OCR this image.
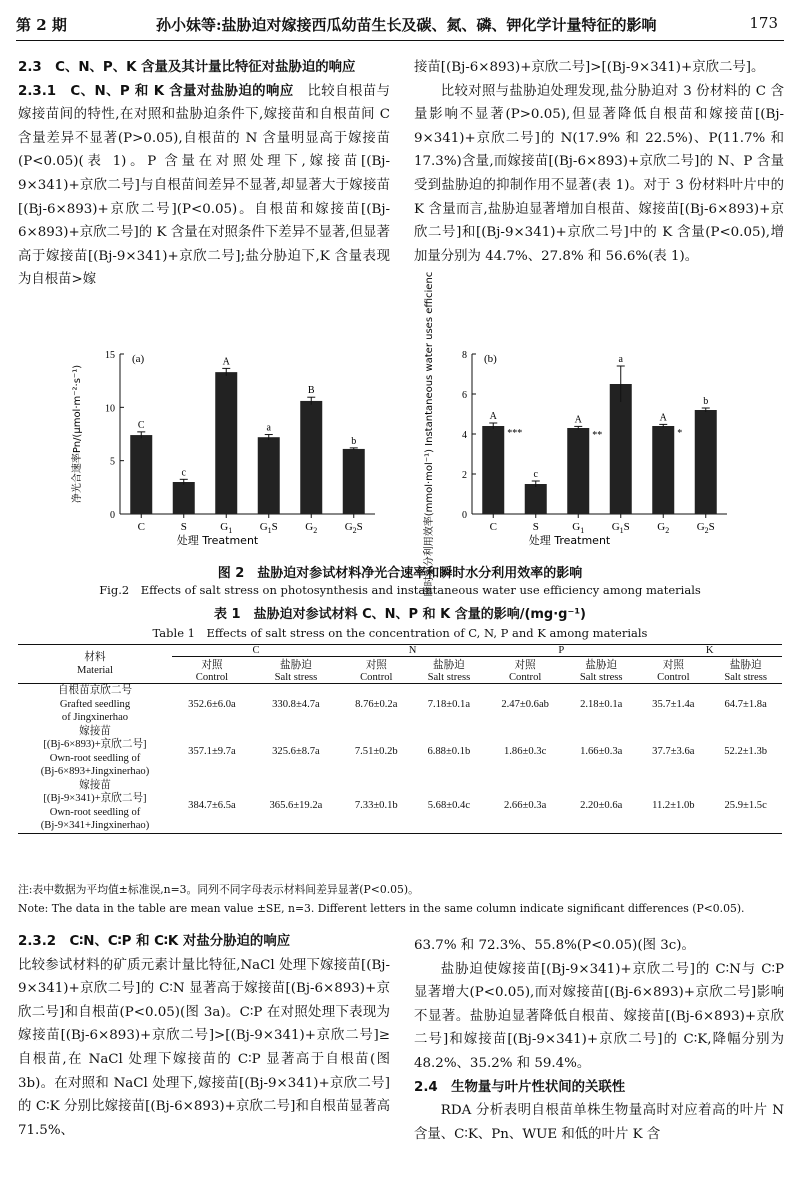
第 2 期	孙小妹等:盐胁迫对嫁接西瓜幼苗生长及碳、氮、磷、钾化学计量特征的影响	173

2.3　C、N、P、K 含量及其计量比特征对盐胁迫的响应

2.3.1　C、N、P 和 K 含量对盐胁迫的响应　 比较自根苗与嫁接苗间的特性,在对照和盐胁迫条件下,嫁接苗和自根苗间 C 含量差异不显著(P>0.05),自根苗的 N 含量明显高于嫁接苗(P<0.05)(表 1)。P 含量在对照处理下,嫁接苗[(Bj-9×341)+京欣二号]与自根苗间差异不显著,却显著大于嫁接苗[(Bj-6×893)+京欣二号](P<0.05)。自根苗和嫁接苗[(Bj-6×893)+京欣二号]的 K 含量在对照条件下差异不显著,但显著高于嫁接苗[(Bj-9×341)+京欣二号];盐分胁迫下,K 含量表现为自根苗>嫁

接苗[(Bj-6×893)+京欣二号]>[(Bj-9×341)+京欣二号]。

比较对照与盐胁迫处理发现,盐分胁迫对 3 份材料的 C 含量影响不显著(P>0.05),但显著降低自根苗和嫁接苗[(Bj-9×341)+京欣二号]的 N(17.9% 和 22.5%)、P(11.7% 和 17.3%)含量,而嫁接苗[(Bj-6×893)+京欣二号]的 N、P 含量受到盐胁迫的抑制作用不显著(表 1)。对于 3 份材料叶片中的 K 含量而言,盐胁迫显著增加自根苗、嫁接苗[(Bj-6×893)+京欣二号]和[(Bj-9×341)+京欣二号]中的 K 含量(P<0.05),增加量分别为 44.7%、27.8% 和 56.6%(表 1)。

0
5
10
15 (a)
C
C
c
S
A
$G_1$
a
$G_1S$
B
$G_2$
b
$G_2S$
处理 Treatment
净光合速率Pn/(μmol·m⁻²·s⁻¹)
0
2
4
6
8 (b)
A
***
C
c
S
A
**
$G_1$
a
$G_1S$
A
*
$G_2$
b
$G_2S$
处理 Treatment
瞬时水分利用效率(mmol·mol⁻¹) Instantaneous water uses efficienc
图 2　盐胁迫对参试材料净光合速率和瞬时水分利用效率的影响
Fig.2　Effects of salt stress on photosynthesis and instantaneous water use efficiency among materials
表 1　盐胁迫对参试材料 C、N、P 和 K 含量的影响/(mg·g⁻¹)
Table 1　Effects of salt stress on the concentration of C, N, P and K among materials
材料
Material	C		N		P		K	
	对照	盐胁迫	对照	盐胁迫	对照	盐胁迫	对照	盐胁迫
	Control	Salt stress	Control	Salt stress	Control	Salt stress	Control	Salt stress
自根苗京欣二号
Grafted seedling
of Jingxinerhao	352.6±6.0a	330.8±4.7a	8.76±0.2a	7.18±0.1a	2.47±0.6ab	2.18±0.1a	35.7±1.4a	64.7±1.8a
嫁接苗
[(Bj-6×893)+京欣二号]
Own-root seedling of
(Bj-6×893+Jingxinerhao)	357.1±9.7a	325.6±8.7a	7.51±0.2b	6.88±0.1b	1.86±0.3c	1.66±0.3a	37.7±3.6a	52.2±1.3b
嫁接苗
[(Bj-9×341)+京欣二号]
Own-root seedling of
(Bj-9×341+Jingxinerhao)	384.7±6.5a	365.6±19.2a	7.33±0.1b	5.68±0.4c	2.66±0.3a	2.20±0.6a	11.2±1.0b	25.9±1.5c
注:表中数据为平均值±标准误,n=3。同列不同字母表示材料间差异显著(P<0.05)。
Note: The data in the table are mean value ±SE, n=3. Different letters in the same column indicate significant differences (P<0.05).

2.3.2　C∶N、C∶P 和 C∶K 对盐分胁迫的响应

比较参试材料的矿质元素计量比特征,NaCl 处理下嫁接苗[(Bj-9×341)+京欣二号]的 C∶N 显著高于嫁接苗[(Bj-6×893)+京欣二号]和自根苗(P<0.05)(图 3a)。C∶P 在对照处理下表现为嫁接苗[(Bj-6×893)+京欣二号]>[(Bj-9×341)+京欣二号]≥自根苗,在 NaCl 处理下嫁接苗的 C∶P 显著高于自根苗(图 3b)。在对照和 NaCl 处理下,嫁接苗[(Bj-9×341)+京欣二号]的 C∶K 分别比嫁接苗[(Bj-6×893)+京欣二号]和自根苗显著高71.5%、

63.7% 和 72.3%、55.8%(P<0.05)(图 3c)。

盐胁迫使嫁接苗[(Bj-9×341)+京欣二号]的 C∶N与 C∶P 显著增大(P<0.05),而对嫁接苗[(Bj-6×893)+京欣二号]影响不显著。盐胁迫显著降低自根苗、嫁接苗[(Bj-6×893)+京欣二号]和嫁接苗[(Bj-9×341)+京欣二号]的 C∶K,降幅分别为 48.2%、35.2% 和 59.4%。

2.4　生物量与叶片性状间的关联性

RDA 分析表明自根苗单株生物量高时对应着高的叶片 N 含量、C∶K、Pn、WUE 和低的叶片 K 含
